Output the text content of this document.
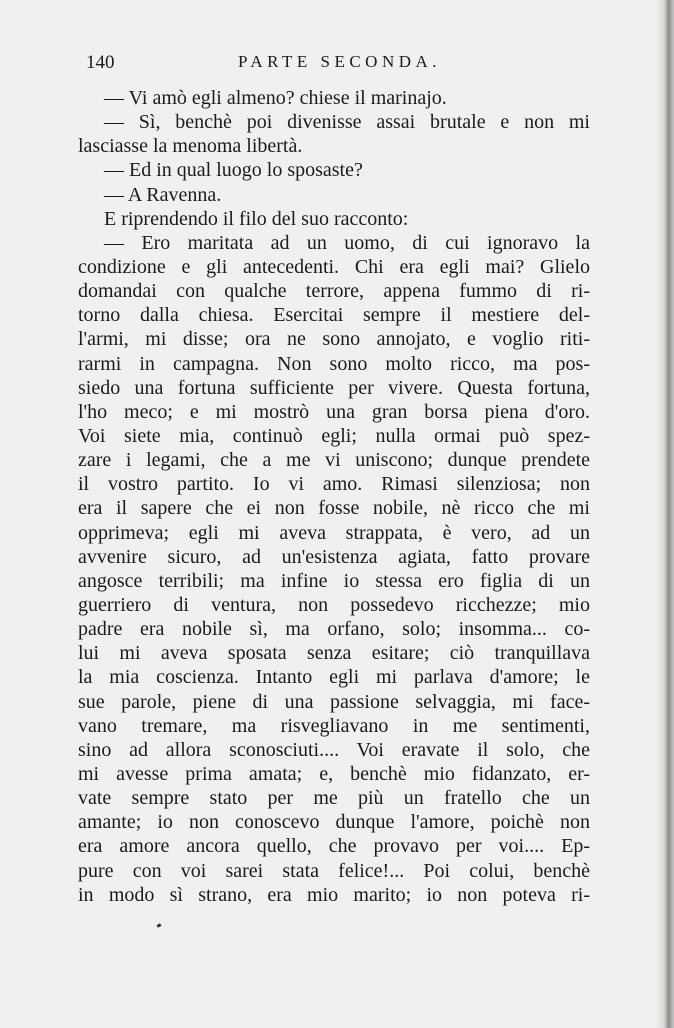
140	PARTE SECONDA.
— Vi amò egli almeno? chiese il marinajo.
— Sì, benchè poi divenisse assai brutale e non mi
lasciasse la menoma libertà.
— Ed in qual luogo lo sposaste?
— A Ravenna.
E riprendendo il filo del suo racconto:
— Ero maritata ad un uomo, di cui ignoravo la
condizione e gli antecedenti. Chi era egli mai? Glielo
domandai con qualche terrore, appena fummo di ri-
torno dalla chiesa. Esercitai sempre il mestiere del-
l'armi, mi disse; ora ne sono annojato, e voglio riti-
rarmi in campagna. Non sono molto ricco, ma pos-
siedo una fortuna sufficiente per vivere. Questa fortuna,
l'ho meco; e mi mostrò una gran borsa piena d'oro.
Voi siete mia, continuò egli; nulla ormai può spez-
zare i legami, che a me vi uniscono; dunque prendete
il vostro partito. Io vi amo. Rimasi silenziosa; non
era il sapere che ei non fosse nobile, nè ricco che mi
opprimeva; egli mi aveva strappata, è vero, ad un
avvenire sicuro, ad un'esistenza agiata, fatto provare
angosce terribili; ma infine io stessa ero figlia di un
guerriero di ventura, non possedevo ricchezze; mio
padre era nobile sì, ma orfano, solo; insomma... co-
lui mi aveva sposata senza esitare; ciò tranquillava
la mia coscienza. Intanto egli mi parlava d'amore; le
sue parole, piene di una passione selvaggia, mi face-
vano tremare, ma risvegliavano in me sentimenti,
sino ad allora sconosciuti.... Voi eravate il solo, che
mi avesse prima amata; e, benchè mio fidanzato, er-
vate sempre stato per me più un fratello che un
amante; io non conoscevo dunque l'amore, poichè non
era amore ancora quello, che provavo per voi.... Ep-
pure con voi sarei stata felice!... Poi colui, benchè
in modo sì strano, era mio marito; io non poteva ri-
